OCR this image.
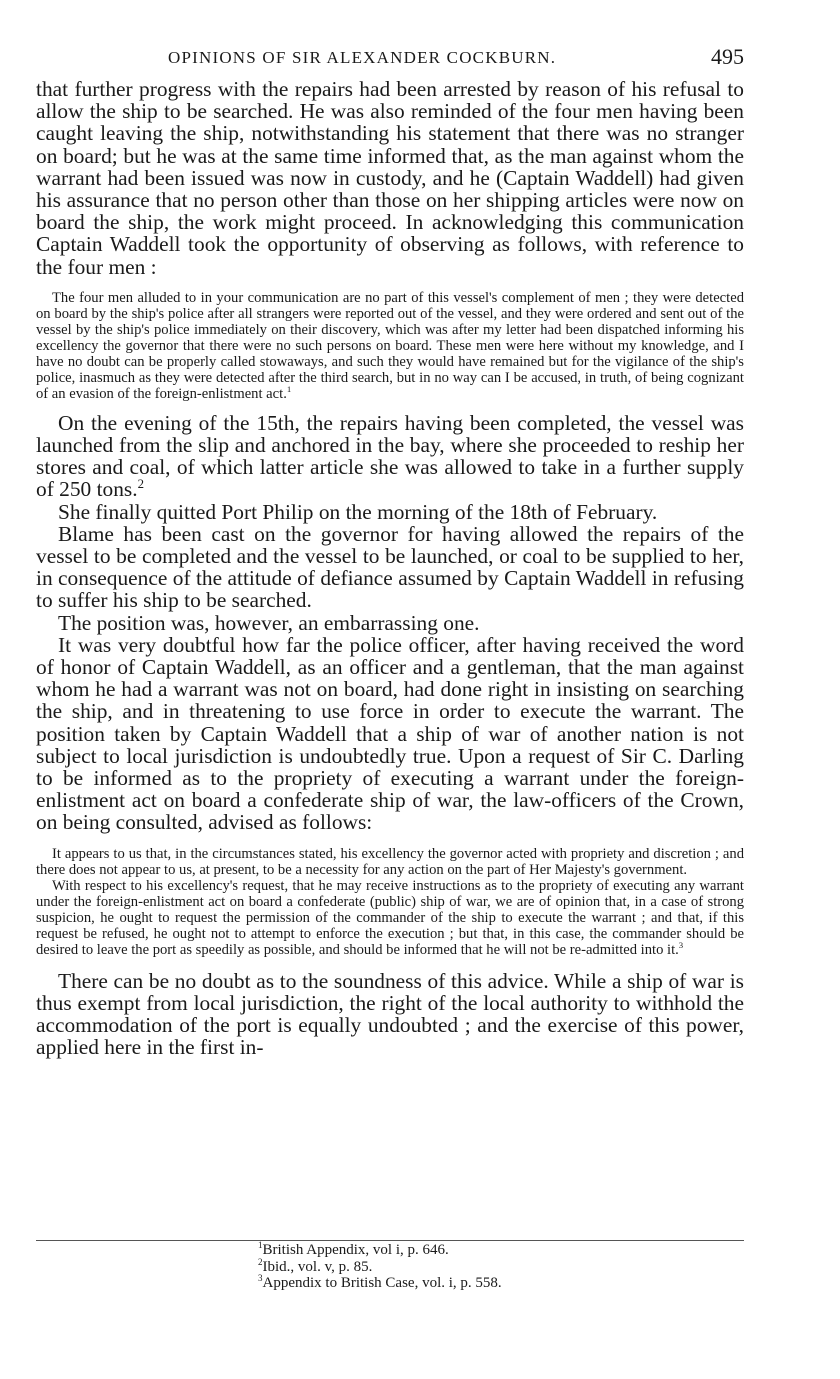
OPINIONS OF SIR ALEXANDER COCKBURN.	495

that further progress with the repairs had been arrested by reason of his refusal to allow the ship to be searched. He was also reminded of the four men having been caught leaving the ship, notwithstanding his statement that there was no stranger on board; but he was at the same time informed that, as the man against whom the warrant had been issued was now in custody, and he (Captain Waddell) had given his assurance that no person other than those on her shipping articles were now on board the ship, the work might proceed. In acknowledging this communication Captain Waddell took the opportunity of observing as follows, with reference to the four men :

The four men alluded to in your communication are no part of this vessel's complement of men ; they were detected on board by the ship's police after all strangers were reported out of the vessel, and they were ordered and sent out of the vessel by the ship's police immediately on their discovery, which was after my letter had been dispatched informing his excellency the governor that there were no such persons on board. These men were here without my knowledge, and I have no doubt can be properly called stowaways, and such they would have remained but for the vigilance of the ship's police, inasmuch as they were detected after the third search, but in no way can I be accused, in truth, of being cognizant of an evasion of the foreign-enlistment act.$^1$

On the evening of the 15th, the repairs having been completed, the vessel was launched from the slip and anchored in the bay, where she proceeded to reship her stores and coal, of which latter article she was allowed to take in a further supply of 250 tons.$^2$

She finally quitted Port Philip on the morning of the 18th of February.

Blame has been cast on the governor for having allowed the repairs of the vessel to be completed and the vessel to be launched, or coal to be supplied to her, in consequence of the attitude of defiance assumed by Captain Waddell in refusing to suffer his ship to be searched.

The position was, however, an embarrassing one.

It was very doubtful how far the police officer, after having received the word of honor of Captain Waddell, as an officer and a gentleman, that the man against whom he had a warrant was not on board, had done right in insisting on searching the ship, and in threatening to use force in order to execute the warrant. The position taken by Captain Waddell that a ship of war of another nation is not subject to local jurisdiction is undoubtedly true. Upon a request of Sir C. Darling to be informed as to the propriety of executing a warrant under the foreign-enlistment act on board a confederate ship of war, the law-officers of the Crown, on being consulted, advised as follows:

It appears to us that, in the circumstances stated, his excellency the governor acted with propriety and discretion ; and there does not appear to us, at present, to be a necessity for any action on the part of Her Majesty's government.

With respect to his excellency's request, that he may receive instructions as to the propriety of executing any warrant under the foreign-enlistment act on board a confederate (public) ship of war, we are of opinion that, in a case of strong suspicion, he ought to request the permission of the commander of the ship to execute the warrant ; and that, if this request be refused, he ought not to attempt to enforce the execution ; but that, in this case, the commander should be desired to leave the port as speedily as possible, and should be informed that he will not be re-admitted into it.$^3$

There can be no doubt as to the soundness of this advice. While a ship of war is thus exempt from local jurisdiction, the right of the local authority to withhold the accommodation of the port is equally undoubted ; and the exercise of this power, applied here in the first in-

$^1$British Appendix, vol i, p. 646.

$^2$Ibid., vol. v, p. 85.

$^3$Appendix to British Case, vol. i, p. 558.
